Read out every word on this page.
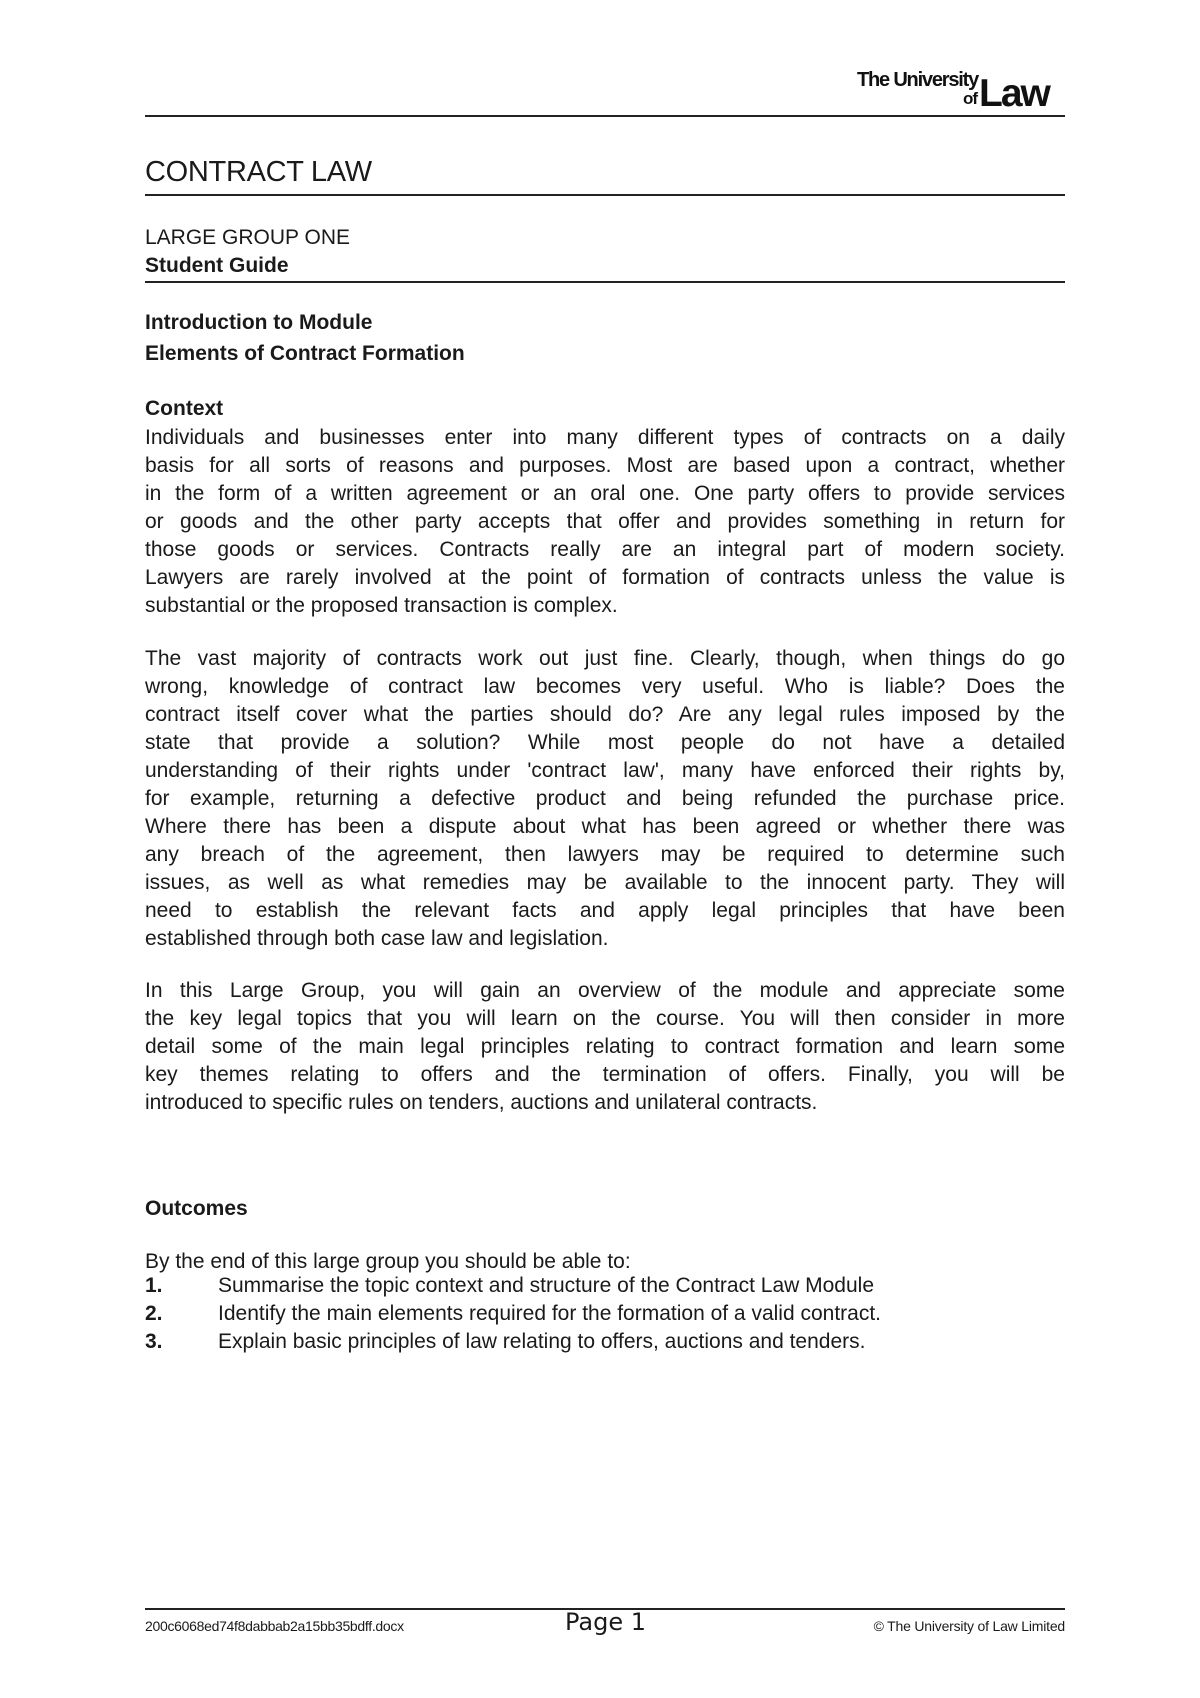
The University
of Law
CONTRACT LAW
LARGE GROUP ONE
Student Guide
Introduction to Module
Elements of Contract Formation
Context
Individuals and businesses enter into many different types of contracts on a daily
basis for all sorts of reasons and purposes. Most are based upon a contract, whether
in the form of a written agreement or an oral one. One party offers to provide services
or goods and the other party accepts that offer and provides something in return for
those goods or services. Contracts really are an integral part of modern society.
Lawyers are rarely involved at the point of formation of contracts unless the value is
substantial or the proposed transaction is complex.
The vast majority of contracts work out just fine. Clearly, though, when things do go
wrong, knowledge of contract law becomes very useful. Who is liable? Does the
contract itself cover what the parties should do? Are any legal rules imposed by the
state that provide a solution? While most people do not have a detailed
understanding of their rights under 'contract law', many have enforced their rights by,
for example, returning a defective product and being refunded the purchase price.
Where there has been a dispute about what has been agreed or whether there was
any breach of the agreement, then lawyers may be required to determine such
issues, as well as what remedies may be available to the innocent party. They will
need to establish the relevant facts and apply legal principles that have been
established through both case law and legislation.
In this Large Group, you will gain an overview of the module and appreciate some
the key legal topics that you will learn on the course. You will then consider in more
detail some of the main legal principles relating to contract formation and learn some
key themes relating to offers and the termination of offers. Finally, you will be
introduced to specific rules on tenders, auctions and unilateral contracts.
Outcomes
By the end of this large group you should be able to:
1.	Summarise the topic context and structure of the Contract Law Module
2.	Identify the main elements required for the formation of a valid contract.
3.	Explain basic principles of law relating to offers, auctions and tenders.
200c6068ed74f8dabbab2a15bb35bdff.docx	Page 1	© The University of Law Limited
